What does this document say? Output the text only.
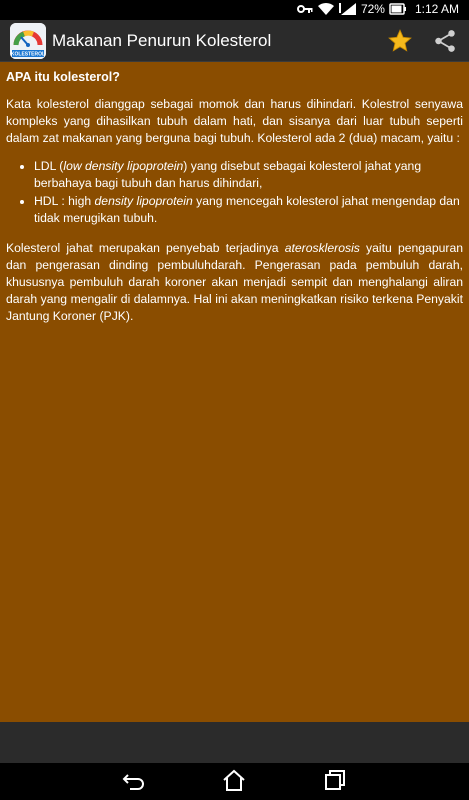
72%	1:12 AM
KOLESTEROL
Makanan Penurun Kolesterol
APA itu kolesterol?

Kata kolesterol dianggap sebagai momok dan harus dihindari. Kolestrol senyawa kompleks yang dihasilkan tubuh dalam hati, dan sisanya dari luar tubuh seperti dalam zat makanan yang berguna bagi tubuh. Kolesterol ada 2 (dua) macam, yaitu :

• LDL (low density lipoprotein) yang disebut sebagai kolesterol jahat yang berbahaya bagi tubuh dan harus dihindari,
• HDL : high density lipoprotein yang mencegah kolesterol jahat mengendap dan tidak merugikan tubuh.

Kolesterol jahat merupakan penyebab terjadinya aterosklerosis yaitu pengapuran dan pengerasan dinding pembuluhdarah. Pengerasan pada pembuluh darah, khususnya pembuluh darah koroner akan menjadi sempit dan menghalangi aliran darah yang mengalir di dalamnya. Hal ini akan meningkatkan risiko terkena Penyakit Jantung Koroner (PJK).
